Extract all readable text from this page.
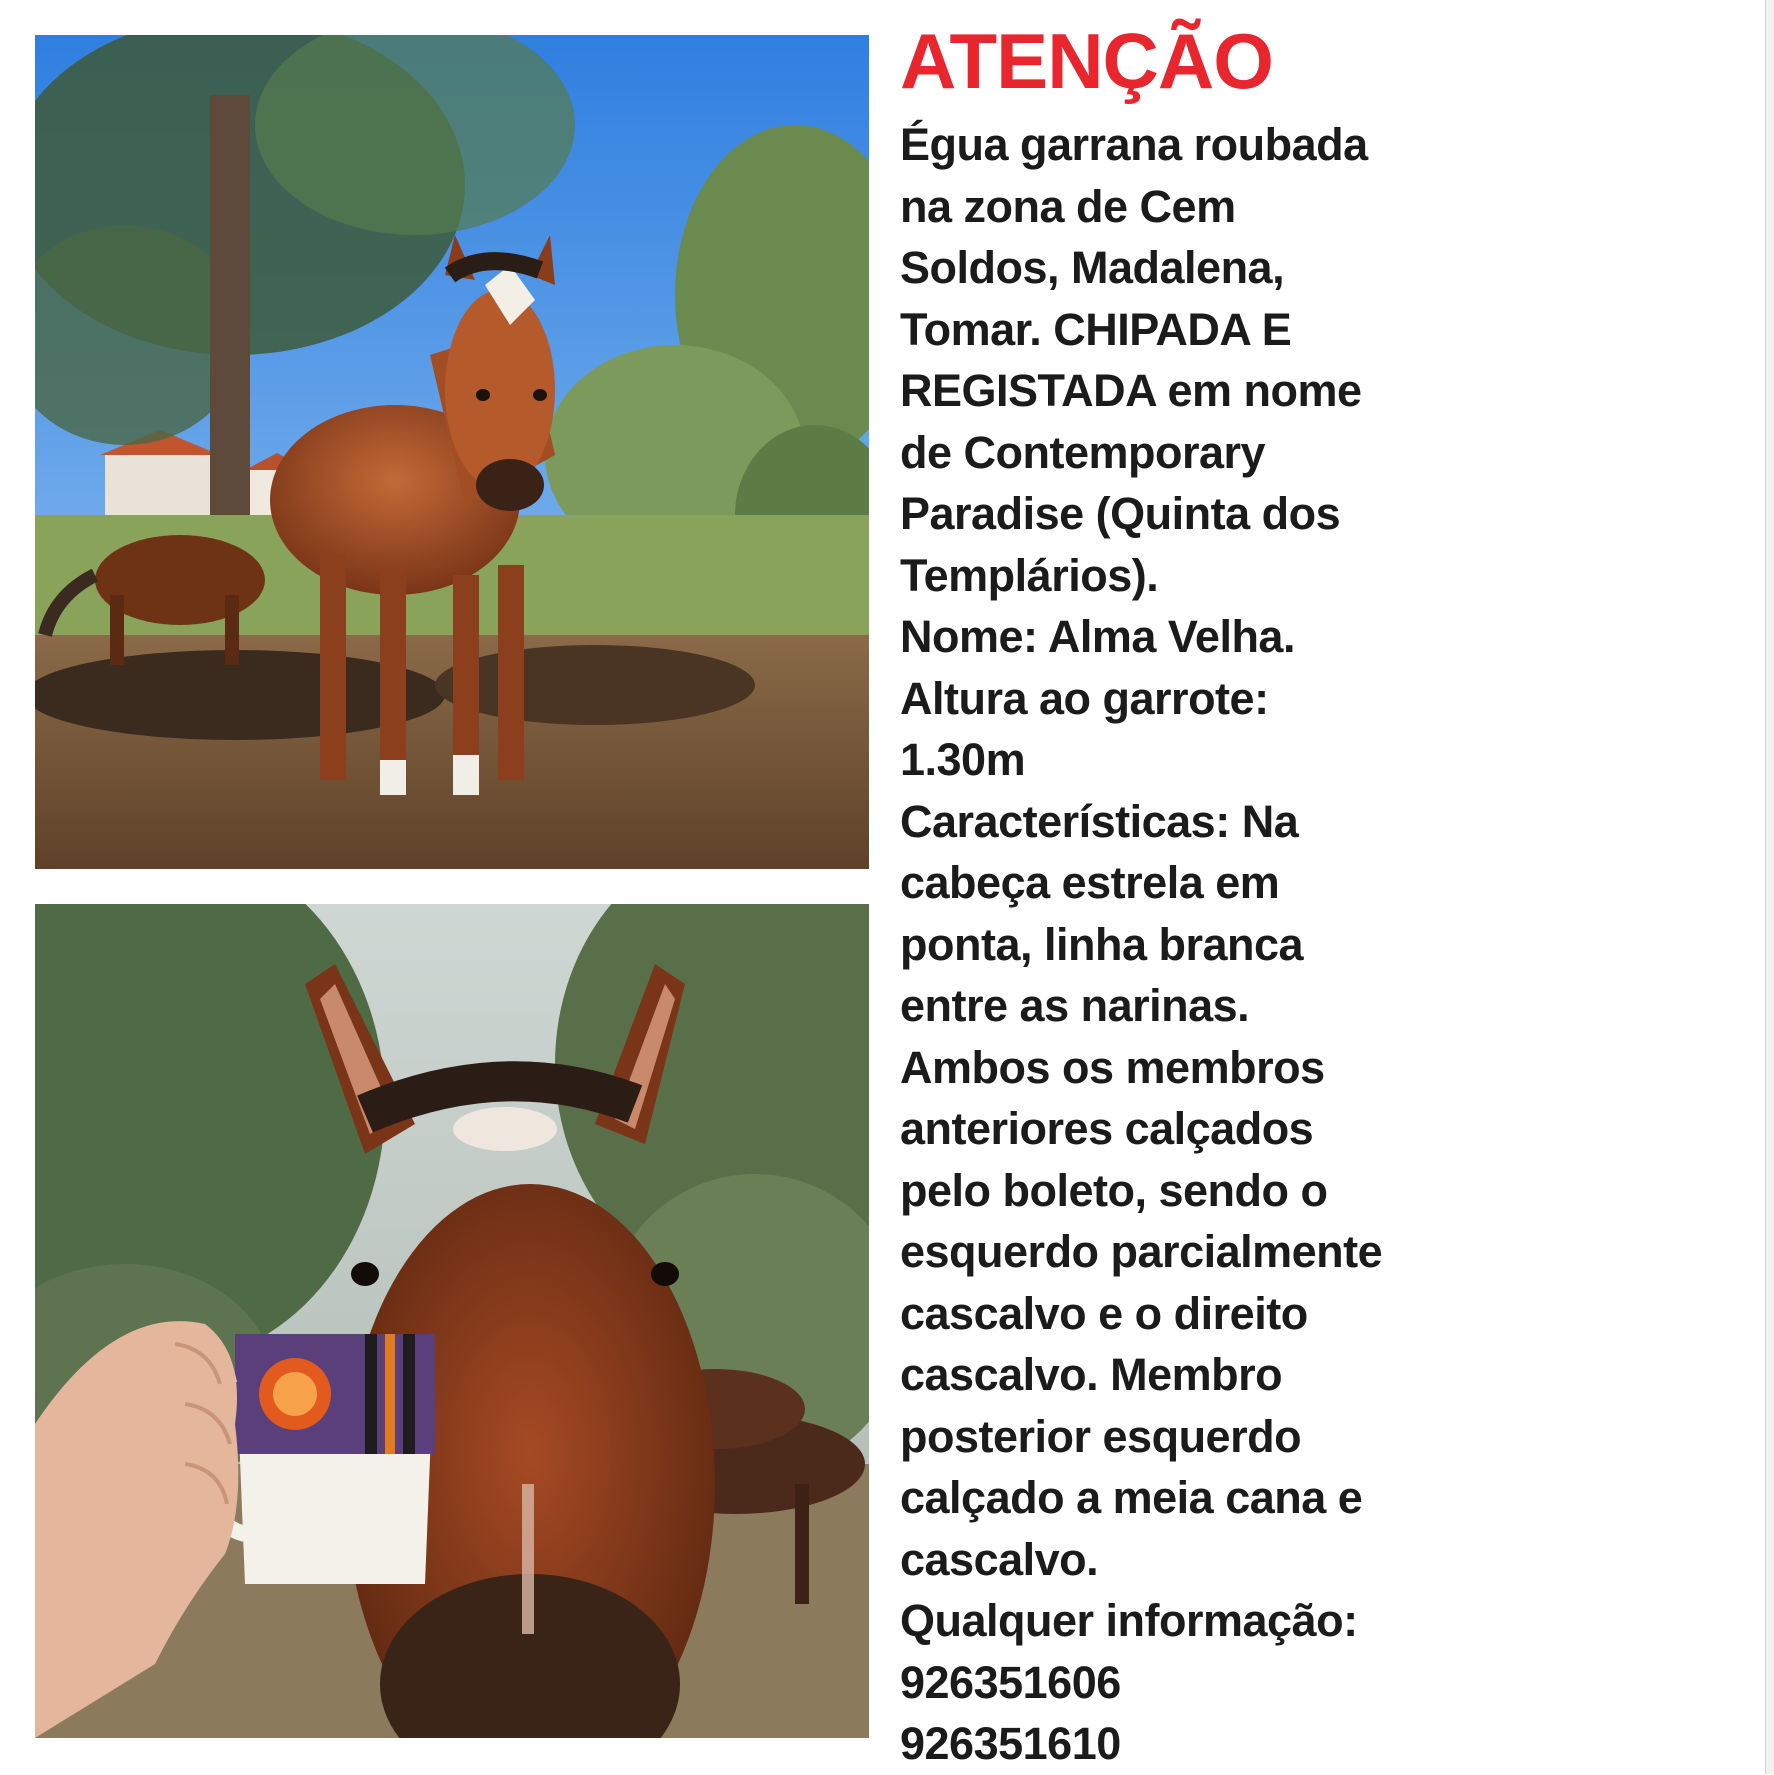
ATENÇÃO
Égua garrana roubada
na zona de Cem
Soldos, Madalena,
Tomar. CHIPADA E
REGISTADA em nome
de Contemporary
Paradise (Quinta dos
Templários).
Nome: Alma Velha.
Altura ao garrote:
1.30m
Características: Na
cabeça estrela em
ponta, linha branca
entre as narinas.
Ambos os membros
anteriores calçados
pelo boleto, sendo o
esquerdo parcialmente
cascalvo e o direito
cascalvo. Membro
posterior esquerdo
calçado a meia cana e
cascalvo.
Qualquer informação:
926351606
926351610
